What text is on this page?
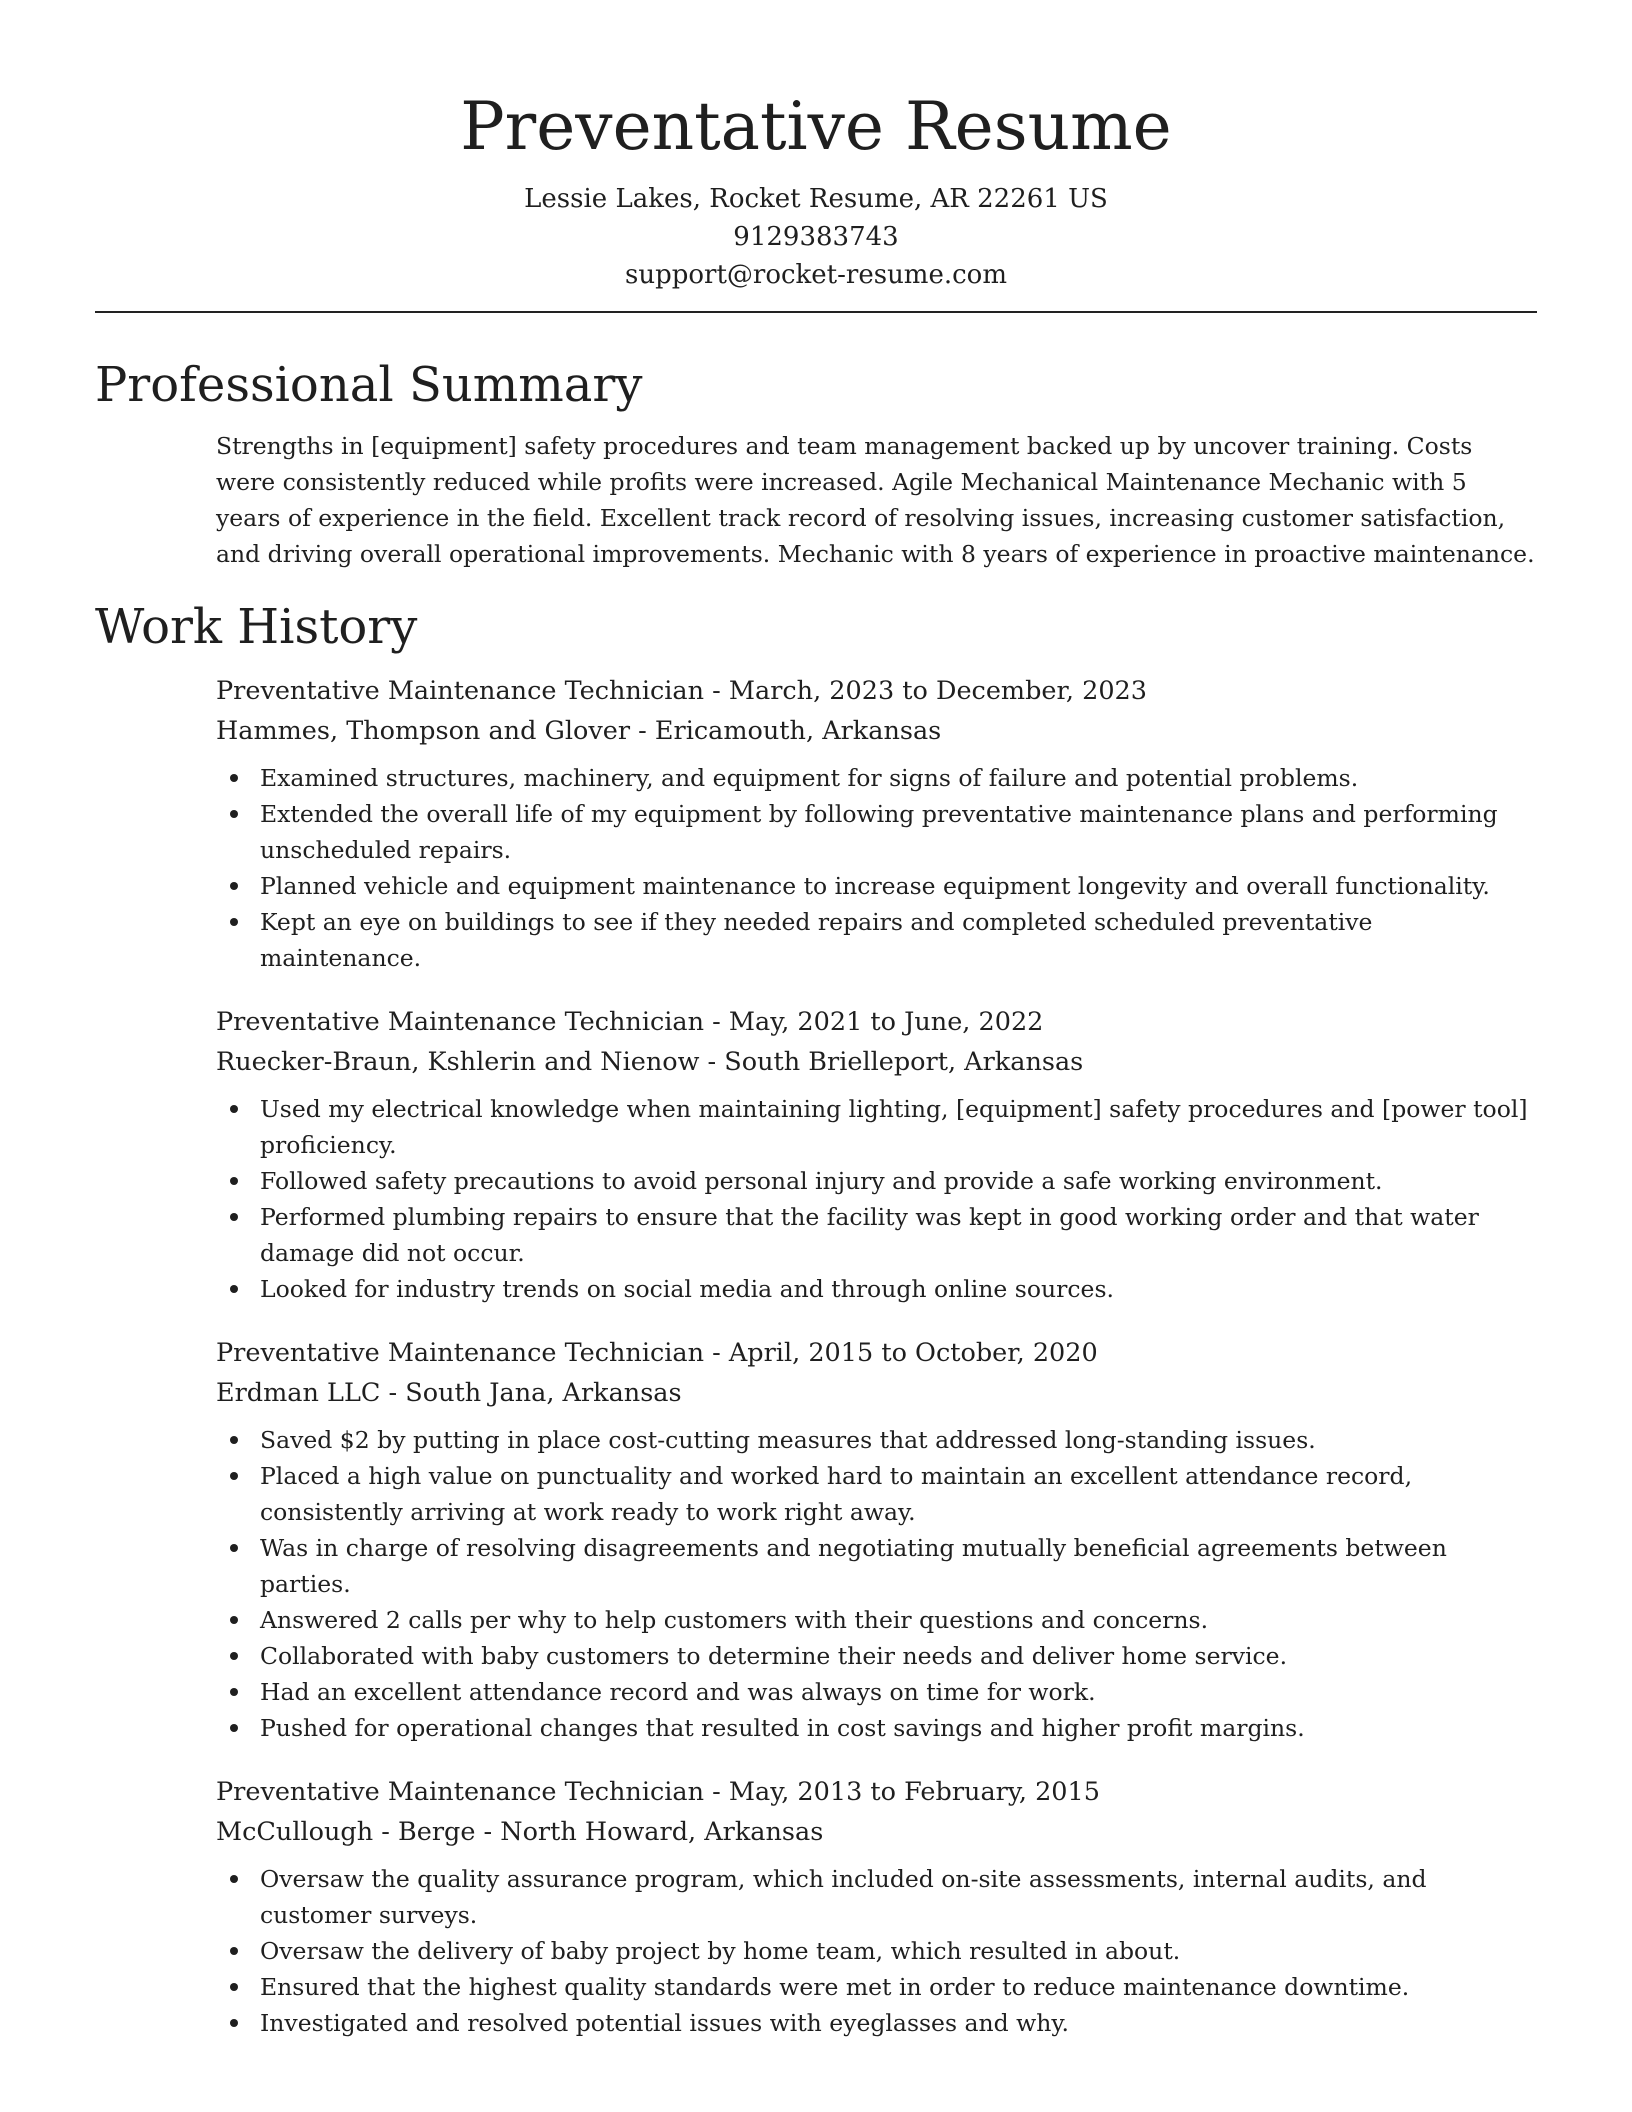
Preventative Resume
Lessie Lakes, Rocket Resume, AR 22261 US
9129383743
support@rocket-resume.com
Professional Summary

Strengths in [equipment] safety procedures and team management backed up by uncover training. Costs were consistently reduced while profits were increased. Agile Mechanical Maintenance Mechanic with 5 years of experience in the field. Excellent track record of resolving issues, increasing customer satisfaction, and driving overall operational improvements. Mechanic with 8 years of experience in proactive maintenance.

Work History
Preventative Maintenance Technician - March, 2023 to December, 2023
Hammes, Thompson and Glover - Ericamouth, Arkansas
Examined structures, machinery, and equipment for signs of failure and potential problems.
Extended the overall life of my equipment by following preventative maintenance plans and performing unscheduled repairs.
Planned vehicle and equipment maintenance to increase equipment longevity and overall functionality.
Kept an eye on buildings to see if they needed repairs and completed scheduled preventative maintenance.
Preventative Maintenance Technician - May, 2021 to June, 2022
Ruecker-Braun, Kshlerin and Nienow - South Brielleport, Arkansas
Used my electrical knowledge when maintaining lighting, [equipment] safety procedures and [power tool] proficiency.
Followed safety precautions to avoid personal injury and provide a safe working environment.
Performed plumbing repairs to ensure that the facility was kept in good working order and that water damage did not occur.
Looked for industry trends on social media and through online sources.
Preventative Maintenance Technician - April, 2015 to October, 2020
Erdman LLC - South Jana, Arkansas
Saved $2 by putting in place cost-cutting measures that addressed long-standing issues.
Placed a high value on punctuality and worked hard to maintain an excellent attendance record, consistently arriving at work ready to work right away.
Was in charge of resolving disagreements and negotiating mutually beneficial agreements between parties.
Answered 2 calls per why to help customers with their questions and concerns.
Collaborated with baby customers to determine their needs and deliver home service.
Had an excellent attendance record and was always on time for work.
Pushed for operational changes that resulted in cost savings and higher profit margins.
Preventative Maintenance Technician - May, 2013 to February, 2015
McCullough - Berge - North Howard, Arkansas
Oversaw the quality assurance program, which included on-site assessments, internal audits, and customer surveys.
Oversaw the delivery of baby project by home team, which resulted in about.
Ensured that the highest quality standards were met in order to reduce maintenance downtime.
Investigated and resolved potential issues with eyeglasses and why.
